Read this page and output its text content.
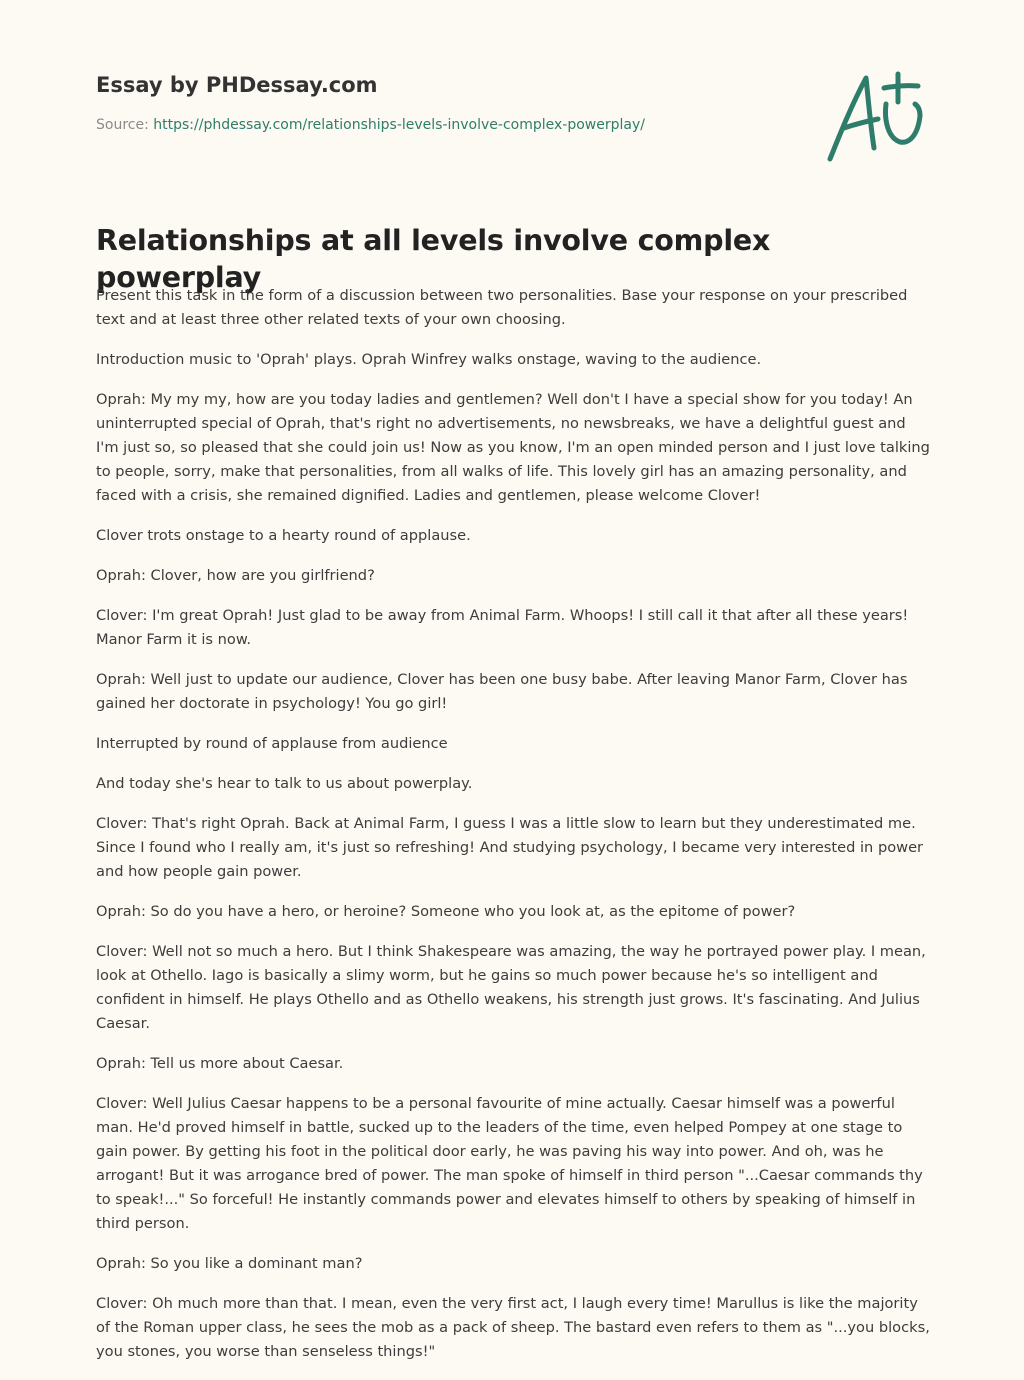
Essay by PHDessay.com
Source: https://phdessay.com/relationships-levels-involve-complex-powerplay/
Relationships at all levels involve complex powerplay

Present this task in the form of a discussion between two personalities. Base your response on your prescribed text and at least three other related texts of your own choosing.

Introduction music to 'Oprah' plays. Oprah Winfrey walks onstage, waving to the audience.

Oprah: My my my, how are you today ladies and gentlemen? Well don't I have a special show for you today! An uninterrupted special of Oprah, that's right no advertisements, no newsbreaks, we have a delightful guest and I'm just so, so pleased that she could join us! Now as you know, I'm an open minded person and I just love talking to people, sorry, make that personalities, from all walks of life. This lovely girl has an amazing personality, and faced with a crisis, she remained dignified. Ladies and gentlemen, please welcome Clover!

Clover trots onstage to a hearty round of applause.

Oprah: Clover, how are you girlfriend?

Clover: I'm great Oprah! Just glad to be away from Animal Farm. Whoops! I still call it that after all these years! Manor Farm it is now.

Oprah: Well just to update our audience, Clover has been one busy babe. After leaving Manor Farm, Clover has gained her doctorate in psychology! You go girl!

Interrupted by round of applause from audience

And today she's hear to talk to us about powerplay.

Clover: That's right Oprah. Back at Animal Farm, I guess I was a little slow to learn but they underestimated me. Since I found who I really am, it's just so refreshing! And studying psychology, I became very interested in power and how people gain power.

Oprah: So do you have a hero, or heroine? Someone who you look at, as the epitome of power?

Clover: Well not so much a hero. But I think Shakespeare was amazing, the way he portrayed power play. I mean, look at Othello. Iago is basically a slimy worm, but he gains so much power because he's so intelligent and confident in himself. He plays Othello and as Othello weakens, his strength just grows. It's fascinating. And Julius Caesar.

Oprah: Tell us more about Caesar.

Clover: Well Julius Caesar happens to be a personal favourite of mine actually. Caesar himself was a powerful man. He'd proved himself in battle, sucked up to the leaders of the time, even helped Pompey at one stage to gain power. By getting his foot in the political door early, he was paving his way into power. And oh, was he arrogant! But it was arrogance bred of power. The man spoke of himself in third person "...Caesar commands thy to speak!..." So forceful! He instantly commands power and elevates himself to others by speaking of himself in third person.

Oprah: So you like a dominant man?

Clover: Oh much more than that. I mean, even the very first act, I laugh every time! Marullus is like the majority of the Roman upper class, he sees the mob as a pack of sheep. The bastard even refers to them as "...you blocks, you stones, you worse than senseless things!"
